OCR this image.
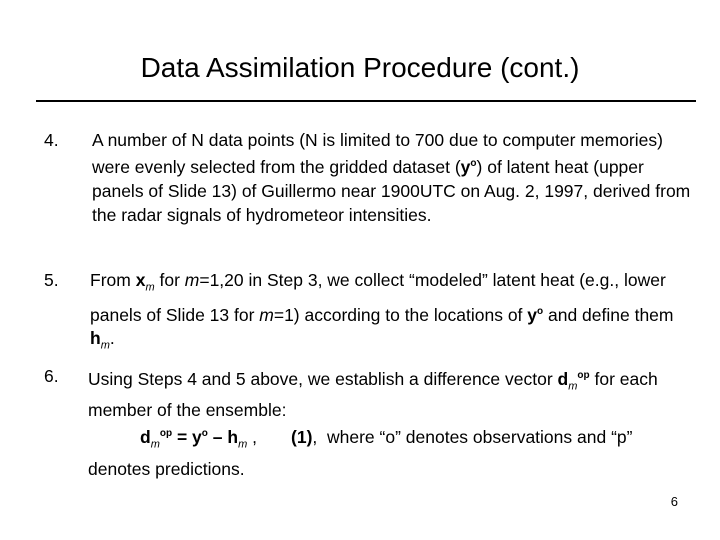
Data Assimilation Procedure (cont.)
4. A number of N data points (N is limited to 700 due to computer memories) were evenly selected from the gridded dataset $(y^o)$ of latent heat (upper panels of Slide 13) of Guillermo near 1900UTC on Aug. 2, 1997, derived from the radar signals of hydrometeor intensities.
5. From $x_m$ for m=1,20 in Step 3, we collect “modeled” latent heat (e.g., lower panels of Slide 13 for m=1) according to the locations of $y^o$ and define them $h_m$.
6. Using Steps 4 and 5 above, we establish a difference vector $d_m^{op}$ for each member of the ensemble:
$d_m^{op} = y^o - h_m$ ,       (1),  where “o” denotes observations and “p” denotes predictions.
6
